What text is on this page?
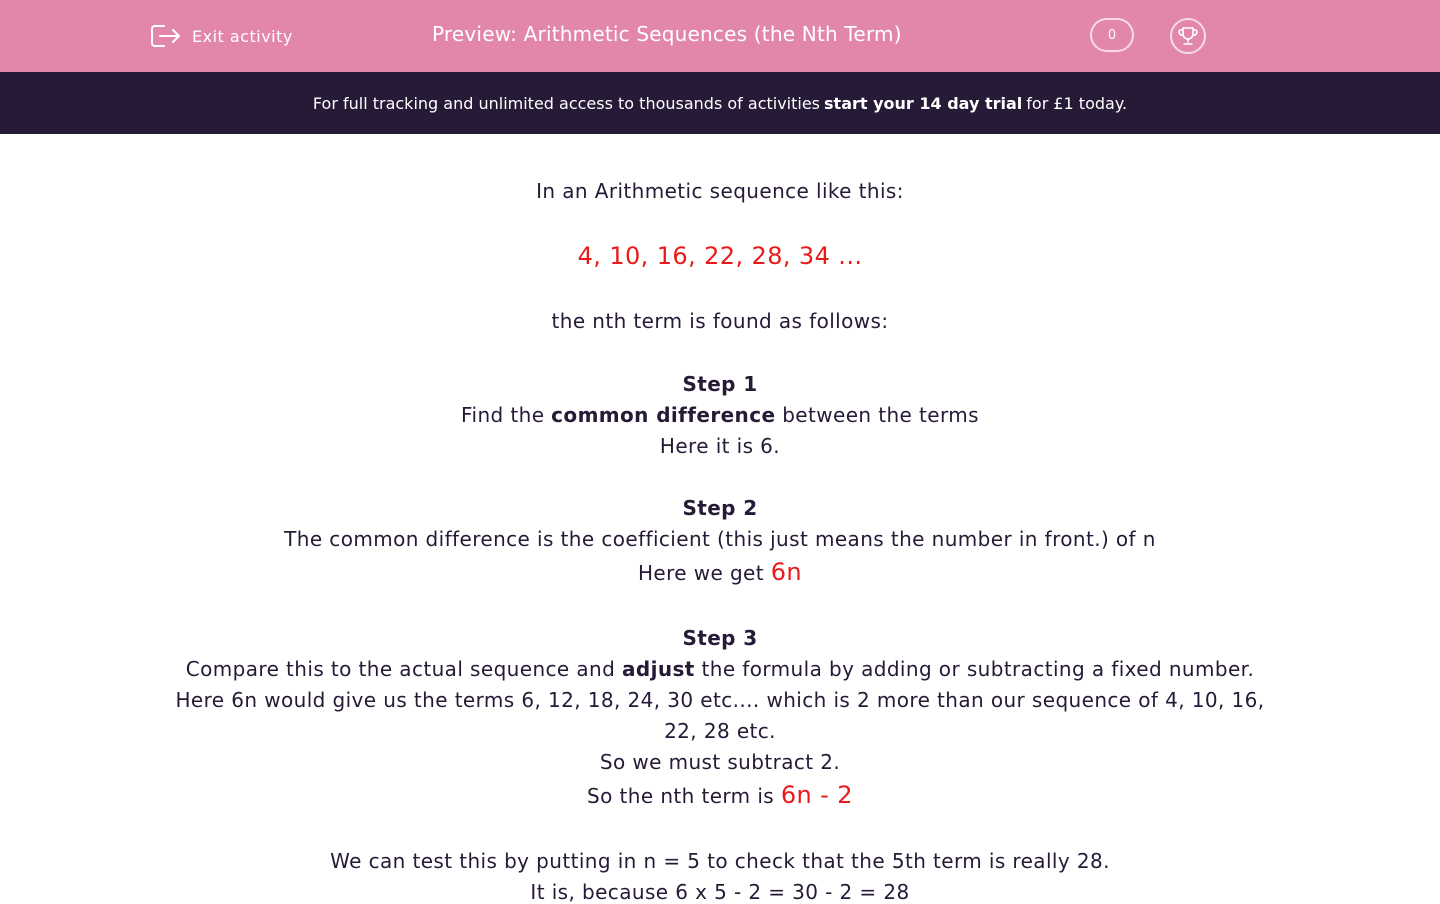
Exit activity	Preview: Arithmetic Sequences (the Nth Term)	0
For full tracking and unlimited access to thousands of activities start your 14 day trial for £1 today.
In an Arithmetic sequence like this:
4, 10, 16, 22, 28, 34 ...
the nth term is found as follows:
Step 1
Find the common difference between the terms
Here it is 6.
Step 2
The common difference is the coefficient (this just means the number in front.) of n
Here we get 6n
Step 3
Compare this to the actual sequence and adjust the formula by adding or subtracting a fixed number.
Here 6n would give us the terms 6, 12, 18, 24, 30 etc.... which is 2 more than our sequence of 4, 10, 16, 22, 28 etc.
So we must subtract 2.
So the nth term is 6n - 2
We can test this by putting in n = 5 to check that the 5th term is really 28.
It is, because 6 x 5 - 2 = 30 - 2 = 28
